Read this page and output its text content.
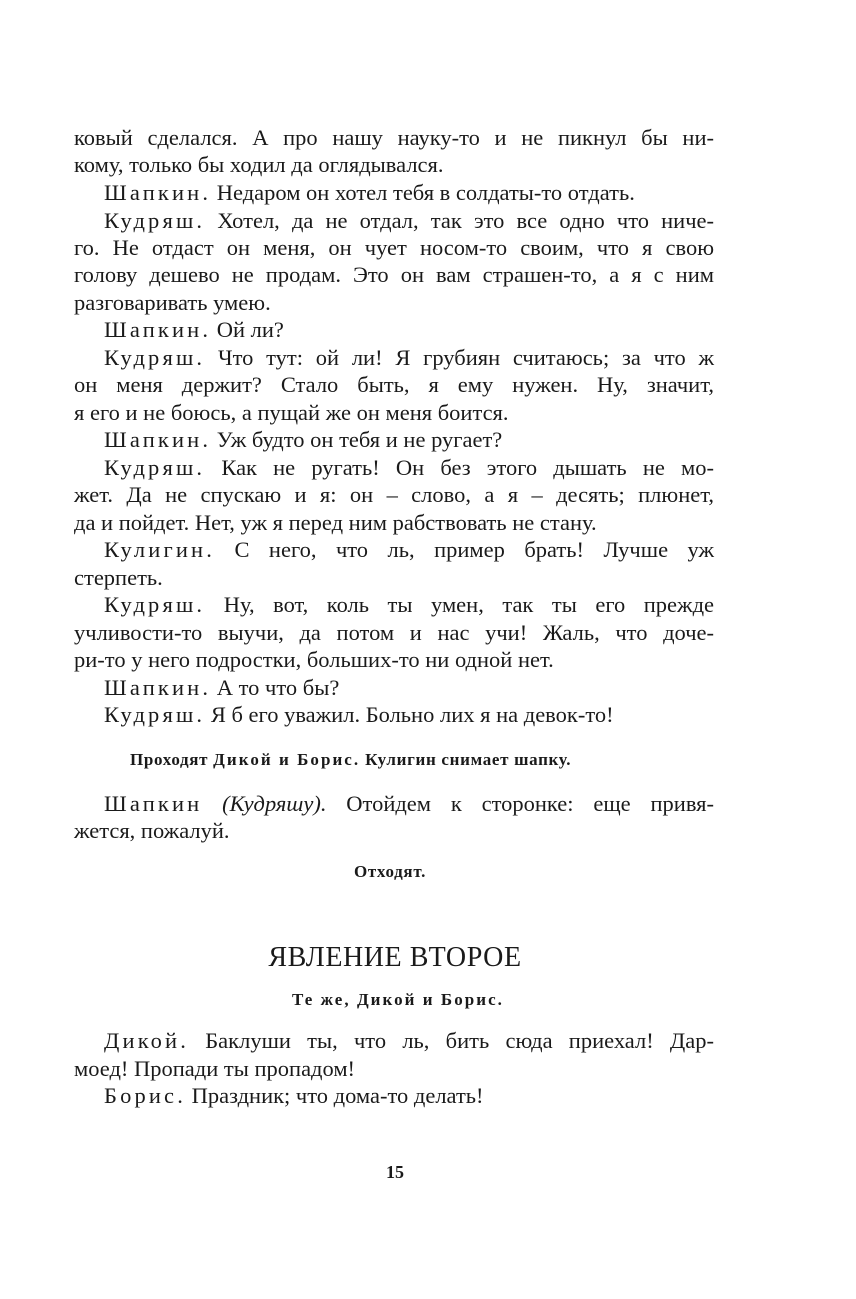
ковый сделался. А про нашу науку-то и не пикнул бы ни-
кому, только бы ходил да оглядывался.
Шапкин. Недаром он хотел тебя в солдаты-то отдать.
Кудряш. Хотел, да не отдал, так это все одно что ниче-
го. Не отдаст он меня, он чует носом-то своим, что я свою
голову дешево не продам. Это он вам страшен-то, а я с ним
разговаривать умею.
Шапкин. Ой ли?
Кудряш. Что тут: ой ли! Я грубиян считаюсь; за что ж
он меня держит? Стало быть, я ему нужен. Ну, значит,
я его и не боюсь, а пущай же он меня боится.
Шапкин. Уж будто он тебя и не ругает?
Кудряш. Как не ругать! Он без этого дышать не мо-
жет. Да не спускаю и я: он – слово, а я – десять; плюнет,
да и пойдет. Нет, уж я перед ним рабствовать не стану.
Кулигин. С него, что ль, пример брать! Лучше уж
стерпеть.
Кудряш. Ну, вот, коль ты умен, так ты его прежде
учливости-то выучи, да потом и нас учи! Жаль, что доче-
ри-то у него подростки, больших-то ни одной нет.
Шапкин. А то что бы?
Кудряш. Я б его уважил. Больно лих я на девок-то!
Проходят Дикой и Борис. Кулигин снимает шапку.
Шапкин (Кудряшу). Отойдем к сторонке: еще привя-
жется, пожалуй.
Отходят.
ЯВЛЕНИЕ ВТОРОЕ
Те же, Дикой и Борис.
Дикой. Баклуши ты, что ль, бить сюда приехал! Дар-
моед! Пропади ты пропадом!
Борис. Праздник; что дома-то делать!
15
